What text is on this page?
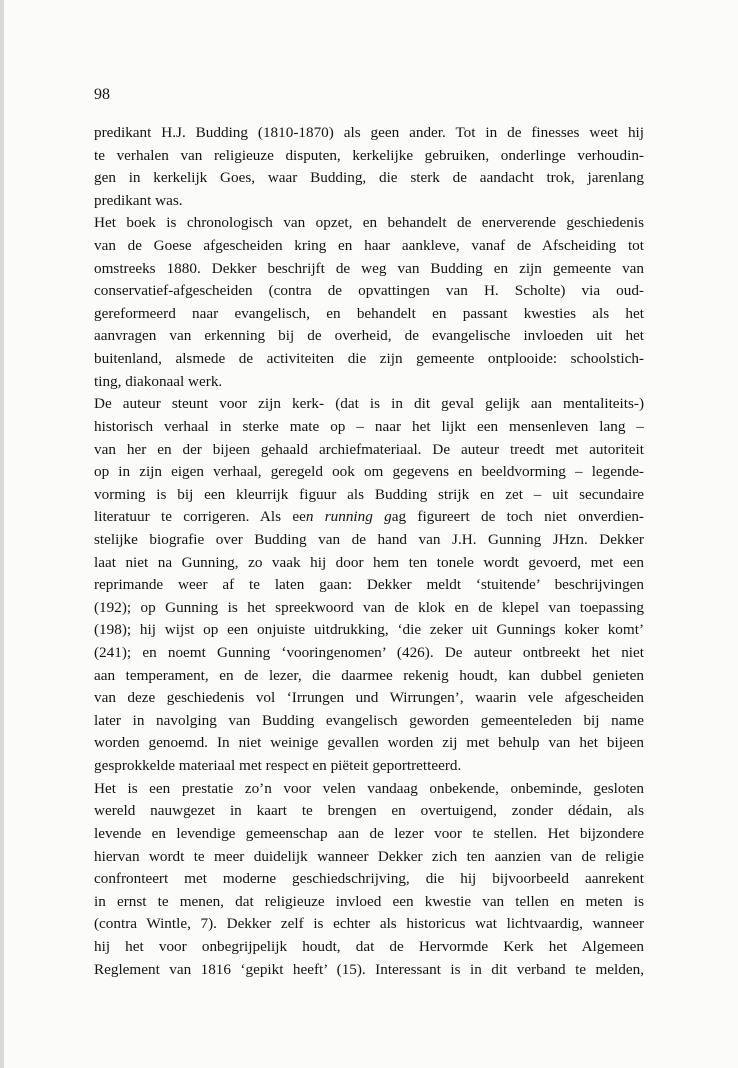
98
predikant H.J. Budding (1810-1870) als geen ander. Tot in de finesses weet hij
te verhalen van religieuze disputen, kerkelijke gebruiken, onderlinge verhoudin-
gen in kerkelijk Goes, waar Budding, die sterk de aandacht trok, jarenlang
predikant was.
Het boek is chronologisch van opzet, en behandelt de enerverende geschiedenis
van de Goese afgescheiden kring en haar aankleve, vanaf de Afscheiding tot
omstreeks 1880. Dekker beschrijft de weg van Budding en zijn gemeente van
conservatief-afgescheiden (contra de opvattingen van H. Scholte) via oud-
gereformeerd naar evangelisch, en behandelt en passant kwesties als het
aanvragen van erkenning bij de overheid, de evangelische invloeden uit het
buitenland, alsmede de activiteiten die zijn gemeente ontplooide: schoolstich-
ting, diakonaal werk.
De auteur steunt voor zijn kerk- (dat is in dit geval gelijk aan mentaliteits-)
historisch verhaal in sterke mate op – naar het lijkt een mensenleven lang –
van her en der bijeen gehaald archiefmateriaal. De auteur treedt met autoriteit
op in zijn eigen verhaal, geregeld ook om gegevens en beeldvorming – legende-
vorming is bij een kleurrijk figuur als Budding strijk en zet – uit secundaire
literatuur te corrigeren. Als een running gag figureert de toch niet onverdien-
stelijke biografie over Budding van de hand van J.H. Gunning JHzn. Dekker
laat niet na Gunning, zo vaak hij door hem ten tonele wordt gevoerd, met een
reprimande weer af te laten gaan: Dekker meldt ‘stuitende’ beschrijvingen
(192); op Gunning is het spreekwoord van de klok en de klepel van toepassing
(198); hij wijst op een onjuiste uitdrukking, ‘die zeker uit Gunnings koker komt’
(241); en noemt Gunning ‘vooringenomen’ (426). De auteur ontbreekt het niet
aan temperament, en de lezer, die daarmee rekenig houdt, kan dubbel genieten
van deze geschiedenis vol ‘Irrungen und Wirrungen’, waarin vele afgescheiden
later in navolging van Budding evangelisch geworden gemeenteleden bij name
worden genoemd. In niet weinige gevallen worden zij met behulp van het bijeen
gesprokkelde materiaal met respect en piëteit geportretteerd.
Het is een prestatie zo’n voor velen vandaag onbekende, onbeminde, gesloten
wereld nauwgezet in kaart te brengen en overtuigend, zonder dédain, als
levende en levendige gemeenschap aan de lezer voor te stellen. Het bijzondere
hiervan wordt te meer duidelijk wanneer Dekker zich ten aanzien van de religie
confronteert met moderne geschiedschrijving, die hij bijvoorbeeld aanrekent
in ernst te menen, dat religieuze invloed een kwestie van tellen en meten is
(contra Wintle, 7). Dekker zelf is echter als historicus wat lichtvaardig, wanneer
hij het voor onbegrijpelijk houdt, dat de Hervormde Kerk het Algemeen
Reglement van 1816 ‘gepikt heeft’ (15). Interessant is in dit verband te melden,
